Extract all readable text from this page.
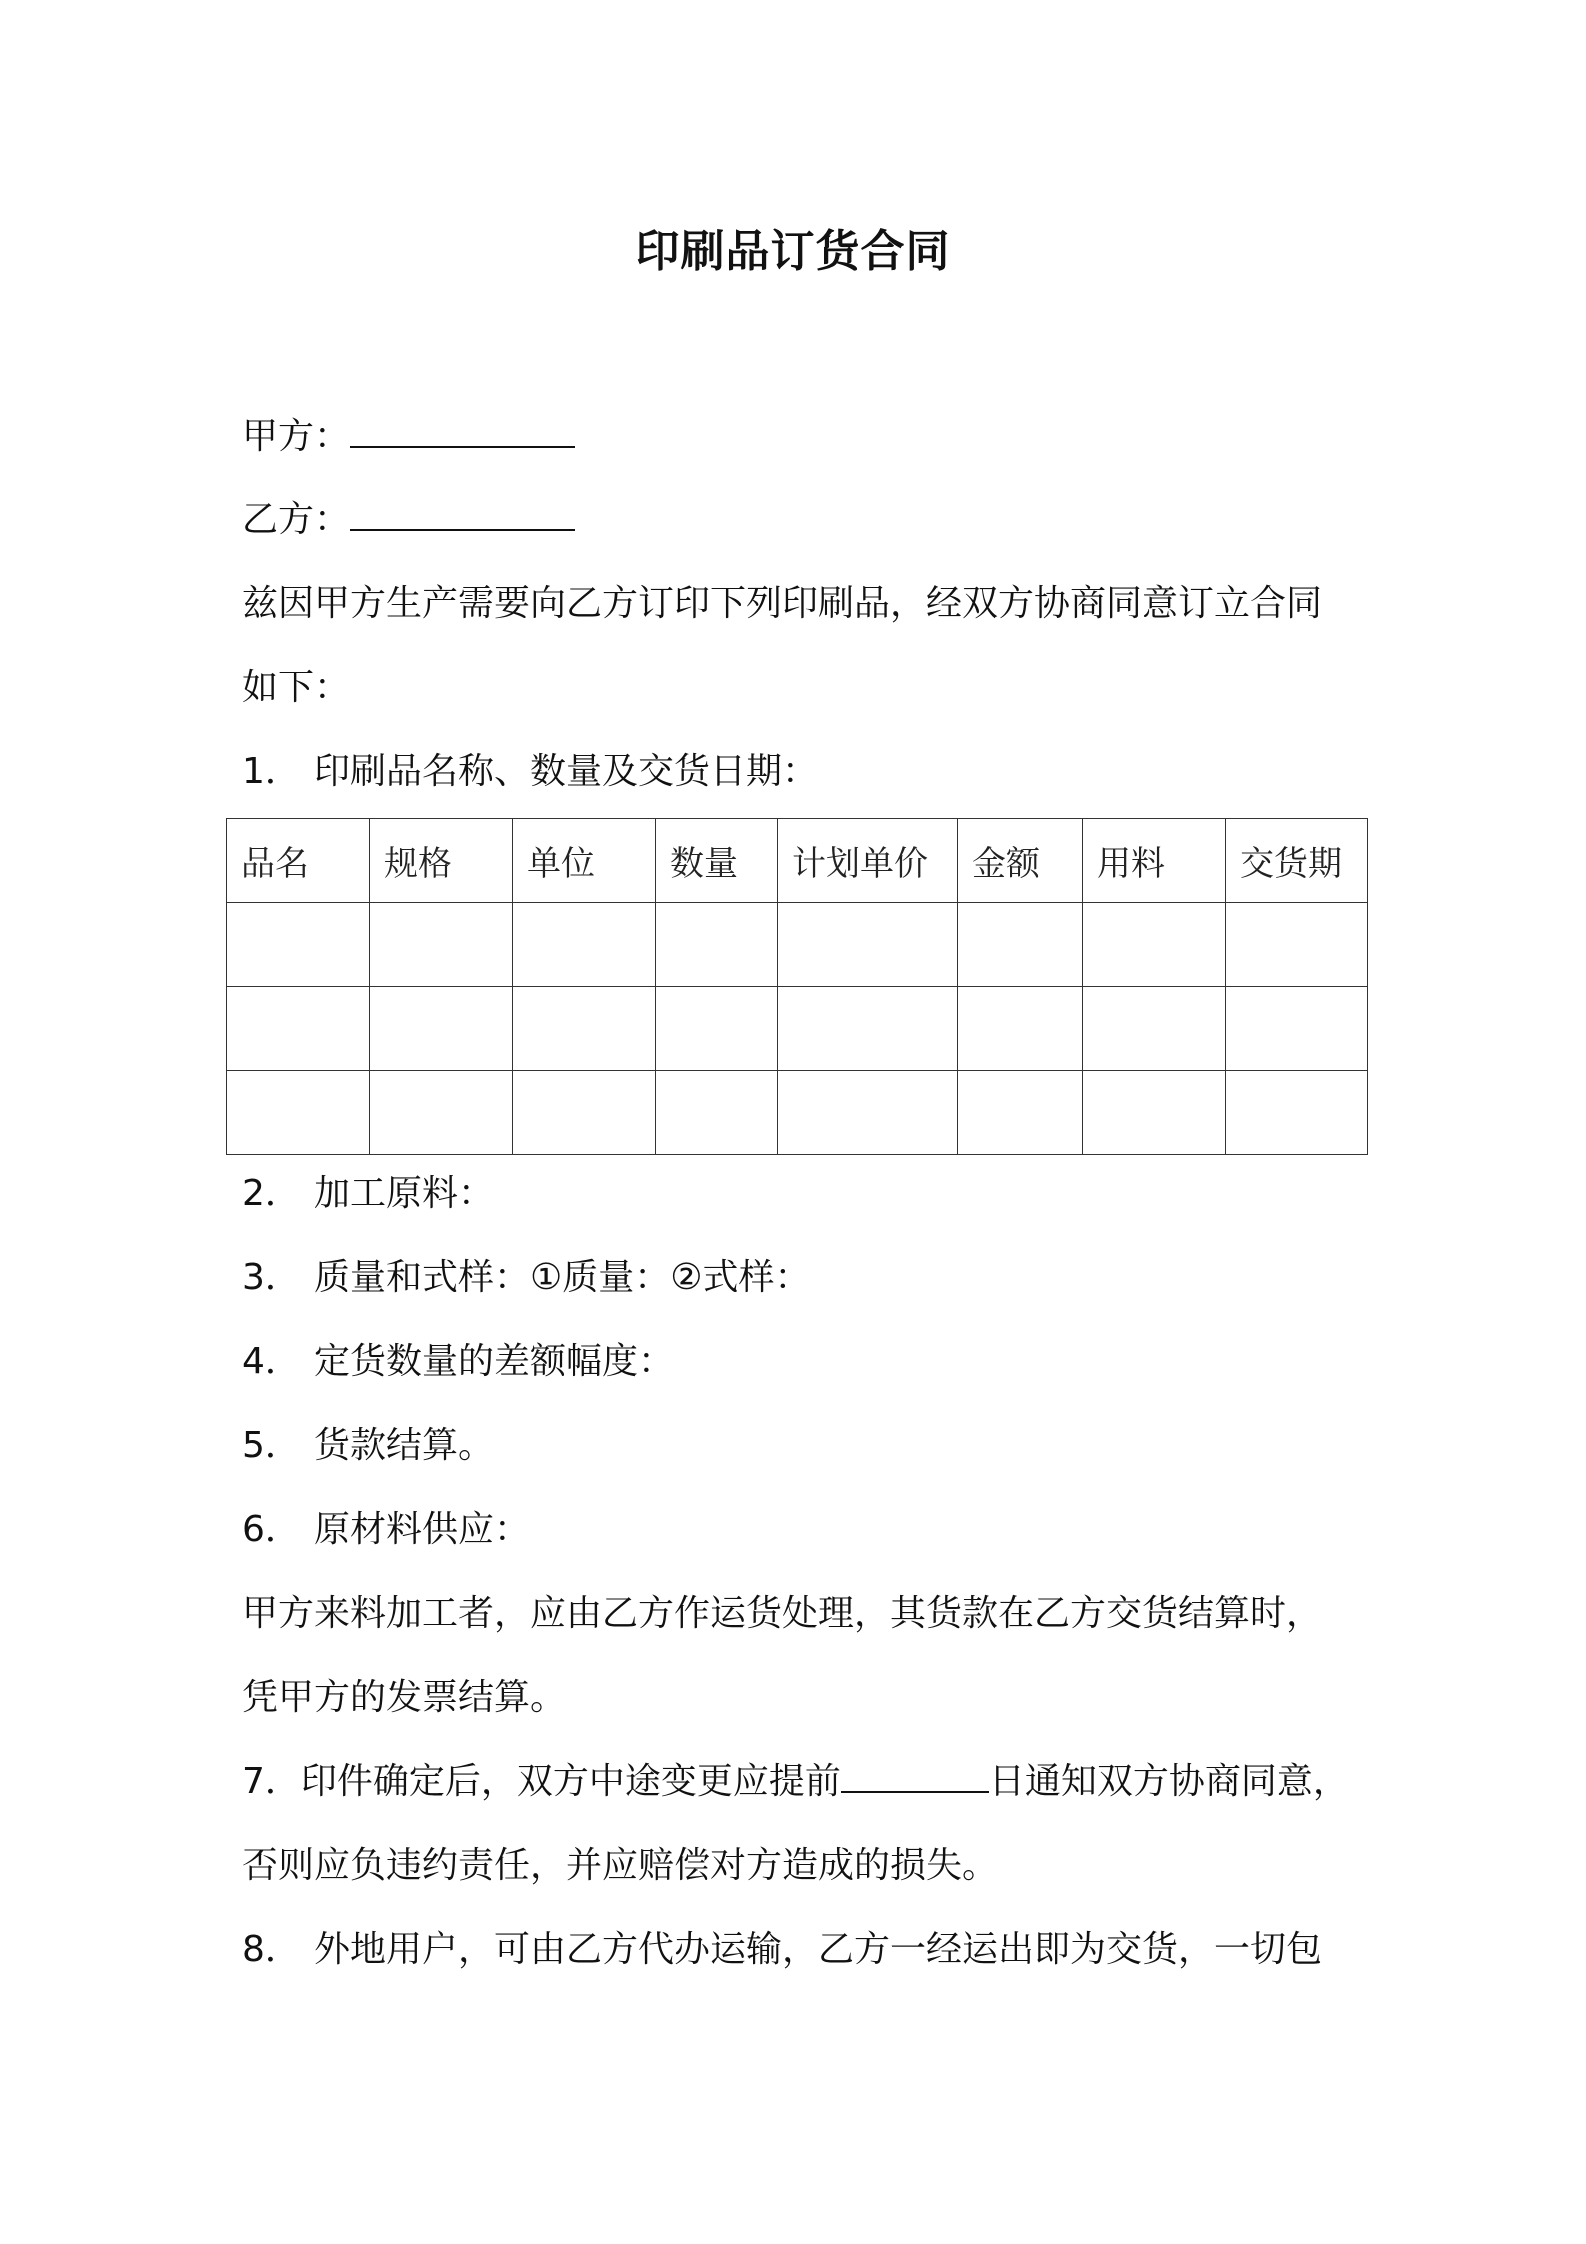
印刷品订货合同
甲方：
乙方：
兹因甲方生产需要向乙方订印下列印刷品，经双方协商同意订立合同
如下：
1． 印刷品名称、数量及交货日期：
品名	规格	单位	数量	计划单价	金额	用料	交货期

2． 加工原料：
3． 质量和式样：①质量：②式样：
4． 定货数量的差额幅度：
5． 货款结算。
6． 原材料供应：
甲方来料加工者，应由乙方作运货处理，其货款在乙方交货结算时，
凭甲方的发票结算。
7．印件确定后，双方中途变更应提前	日通知双方协商同意，
否则应负违约责任，并应赔偿对方造成的损失。
8． 外地用户，可由乙方代办运输，乙方一经运出即为交货，一切包
